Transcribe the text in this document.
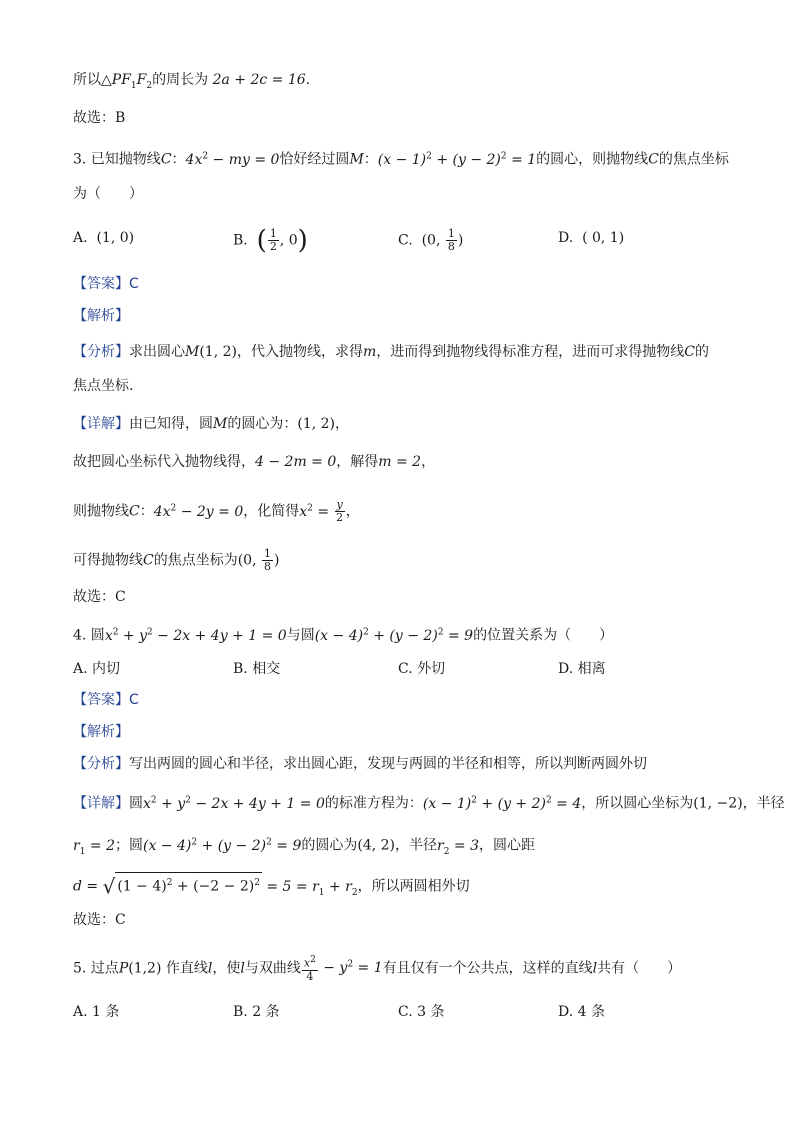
所以$\triangle PF_1F_2$的周长为 2a + 2c = 16.
故选：B
3. 已知抛物线C：$4x^2$ − my = 0恰好经过圆M：$(x - 1)^2 + (y - 2)^2 = 1$的圆心，则抛物线C的焦点坐标
为（　　）
A. (1, 0)	B. ( $\frac{1}{2}$ , 0)	C.  (0, $\frac{1}{8}$ )	D.  ( 0, 1)
【答案】C
【解析】
【分析】求出圆心M(1, 2)，代入抛物线，求得m，进而得到抛物线得标准方程，进而可求得抛物线C的
焦点坐标.
【详解】由已知得，圆M的圆心为：(1, 2)，
故把圆心坐标代入抛物线得，4 − 2m = 0，解得m = 2，
则抛物线C：$4x^2 - 2y = 0$，化简得$x^2 = \frac{y}{2}$ ，
可得抛物线C的焦点坐标为(0, $\frac{1}{8}$ )
故选：C
4. 圆$x^2 + y^2 - 2x + 4y + 1 = 0$与圆$(x - 4)^2 + (y - 2)^2 = 9$的位置关系为（　　）
A. 内切	B. 相交	C. 外切	D. 相离
【答案】C
【解析】
【分析】写出两圆的圆心和半径，求出圆心距，发现与两圆的半径和相等，所以判断两圆外切
【详解】圆$x^2 + y^2 - 2x + 4y + 1 = 0$的标准方程为：$(x - 1)^2 + (y + 2)^2 = 4$，所以圆心坐标为(1, −2)，半径
$r_1 = 2$；圆$(x - 4)^2 + (y - 2)^2 = 9$的圆心为(4, 2)，半径$r_2 = 3$，圆心距
d = √ $(1 - 4)^2 + (-2 - 2)^2 = 5 = r_1 + r_2$，所以两圆相外切
故选：C
5. 过点P(1,2) 作直线l，使l与双曲线 $\frac{x^2}{4} - y^2 = 1$有且仅有一个公共点，这样的直线l共有（　　）
A. 1 条	B. 2 条	C. 3 条	D. 4 条
